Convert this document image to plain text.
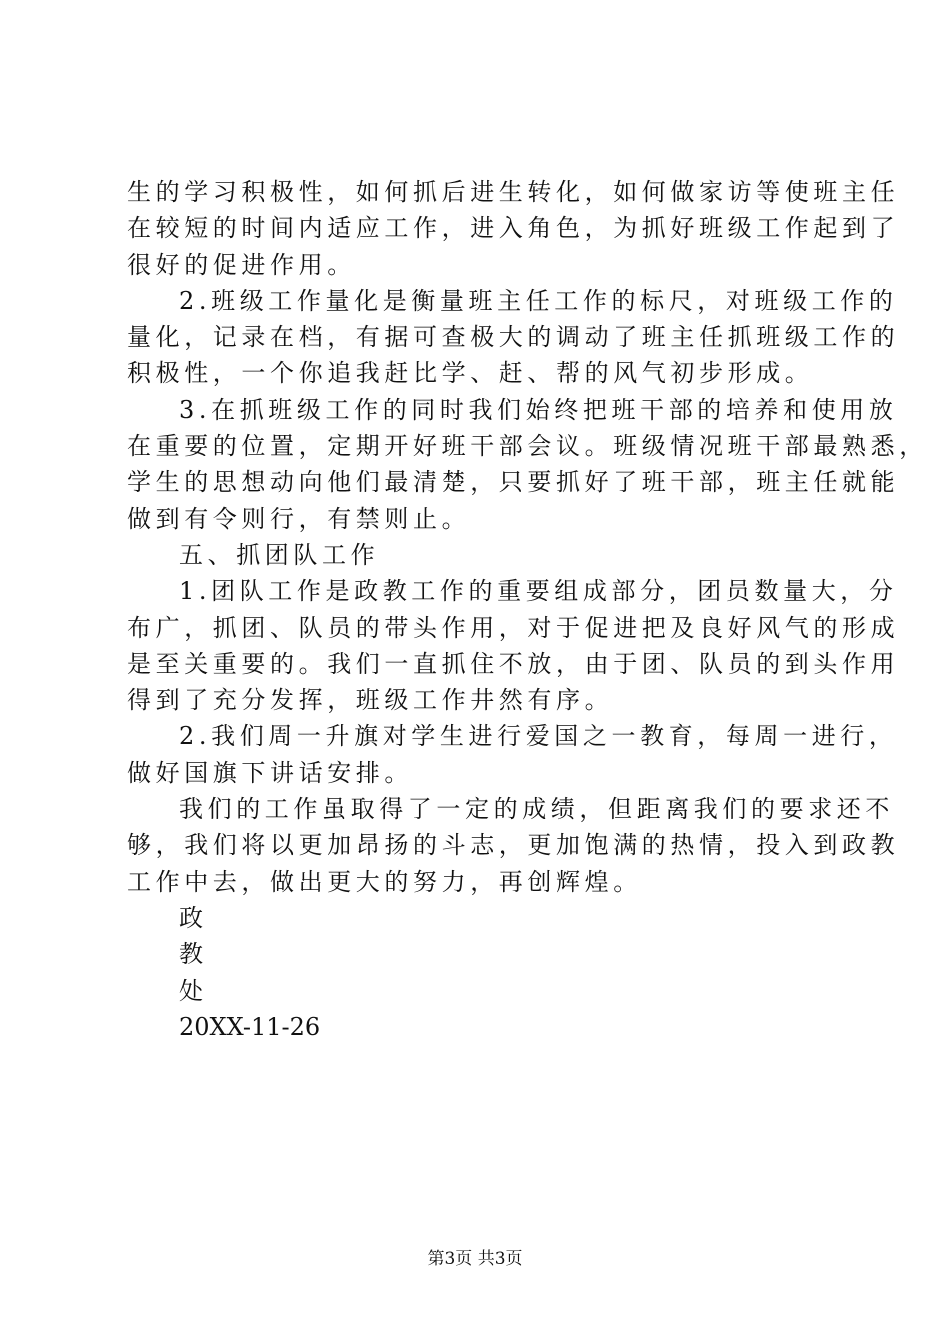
生的学习积极性，如何抓后进生转化，如何做家访等使班主任
在较短的时间内适应工作，进入角色，为抓好班级工作起到了
很好的促进作用。
2.班级工作量化是衡量班主任工作的标尺，对班级工作的
量化，记录在档，有据可查极大的调动了班主任抓班级工作的
积极性，一个你追我赶比学、赶、帮的风气初步形成。
3.在抓班级工作的同时我们始终把班干部的培养和使用放
在重要的位置，定期开好班干部会议。班级情况班干部最熟悉，
学生的思想动向他们最清楚，只要抓好了班干部，班主任就能
做到有令则行，有禁则止。
五、抓团队工作
1.团队工作是政教工作的重要组成部分，团员数量大，分
布广，抓团、队员的带头作用，对于促进把及良好风气的形成
是至关重要的。我们一直抓住不放，由于团、队员的到头作用
得到了充分发挥，班级工作井然有序。
2.我们周一升旗对学生进行爱国之一教育，每周一进行，
做好国旗下讲话安排。
我们的工作虽取得了一定的成绩，但距离我们的要求还不
够，我们将以更加昂扬的斗志，更加饱满的热情，投入到政教
工作中去，做出更大的努力，再创辉煌。
政
教
处
20XX-11-26
第3页 共3页
